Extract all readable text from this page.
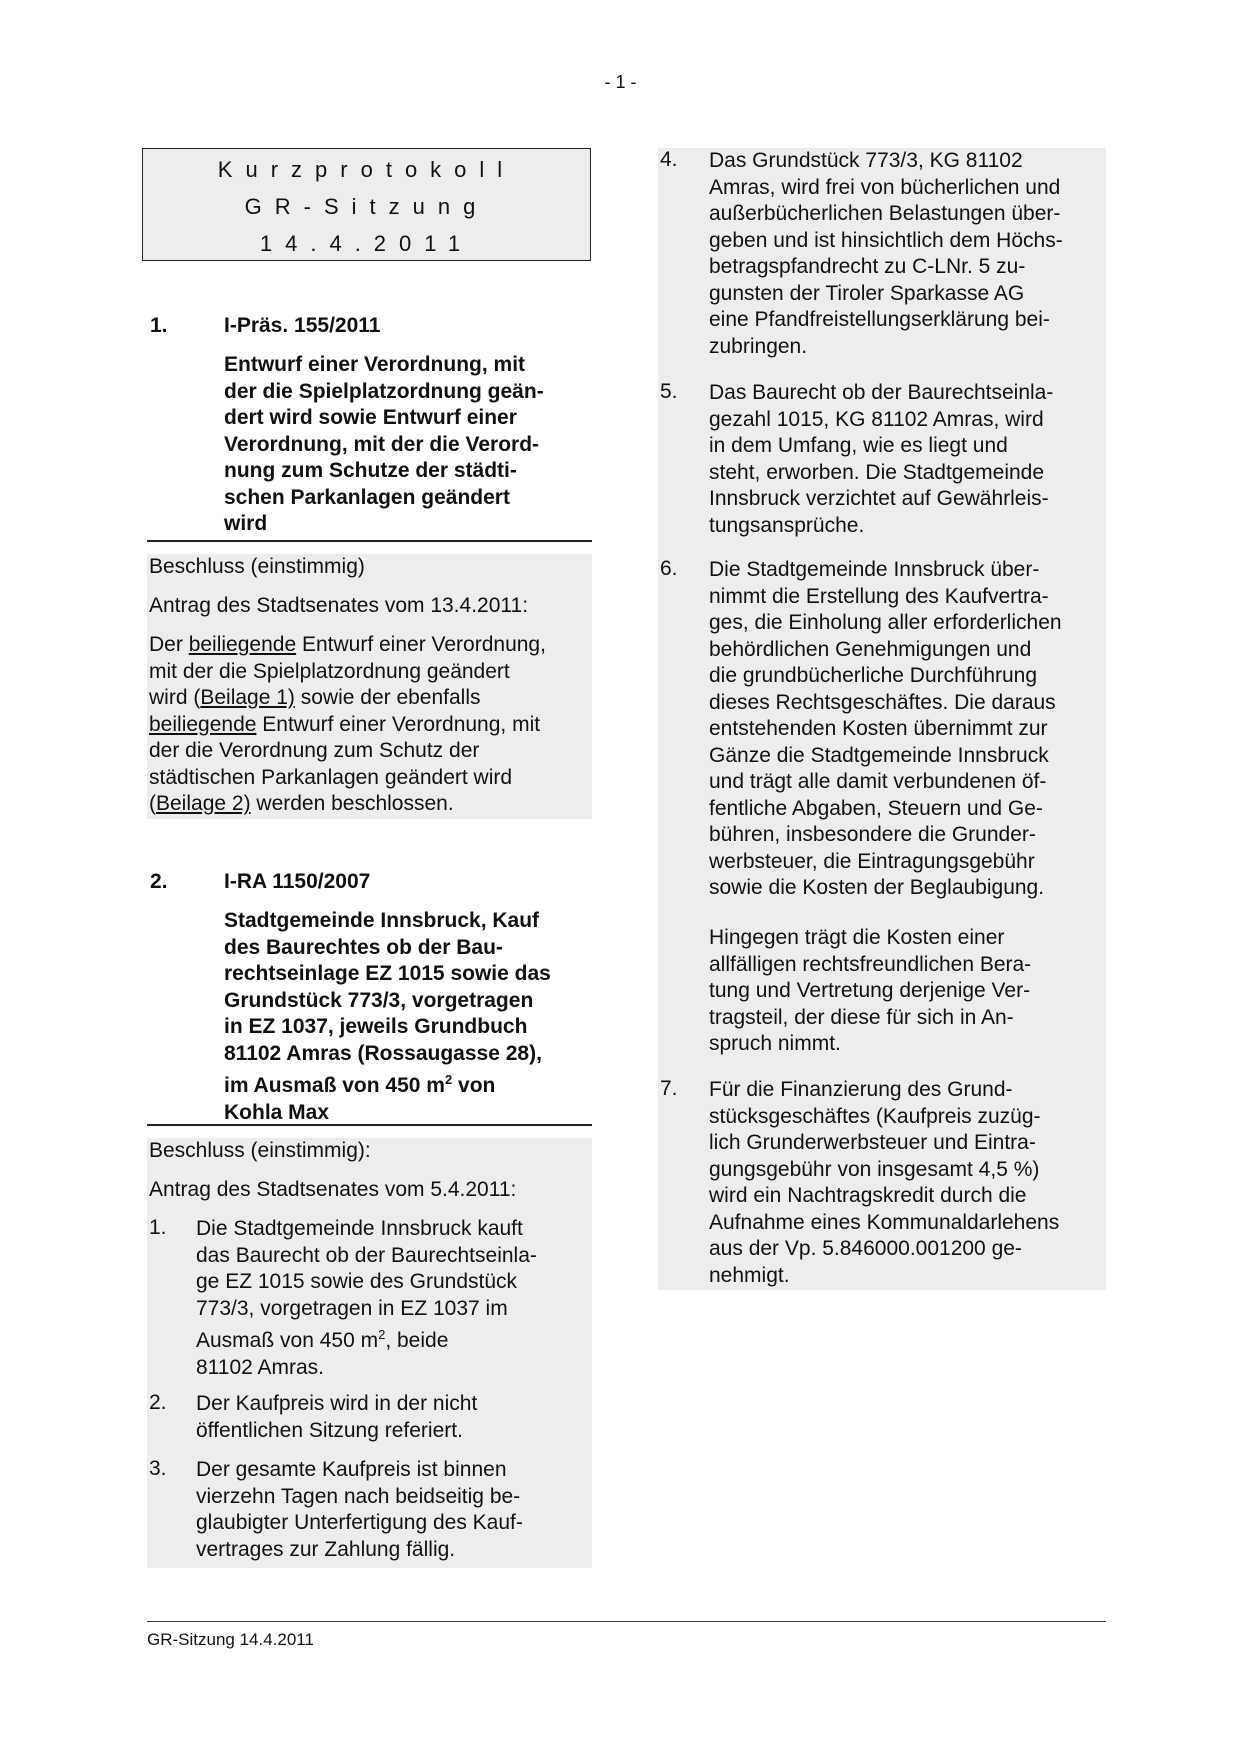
- 1 -
Kurzprotokoll
GR-Sitzung
14.4.2011
1.	I-Präs. 155/2011
Entwurf einer Verordnung, mit
der die Spielplatzordnung geän-
dert wird sowie Entwurf einer
Verordnung, mit der die Verord-
nung zum Schutze der städti-
schen Parkanlagen geändert
wird
Beschluss (einstimmig)
Antrag des Stadtsenates vom 13.4.2011:
Der beiliegende Entwurf einer Verordnung,
mit der die Spielplatzordnung geändert
wird (Beilage 1) sowie der ebenfalls
beiliegende Entwurf einer Verordnung, mit
der die Verordnung zum Schutz der
städtischen Parkanlagen geändert wird
(Beilage 2) werden beschlossen.
2.	I-RA 1150/2007
Stadtgemeinde Innsbruck, Kauf
des Baurechtes ob der Bau-
rechtseinlage EZ 1015 sowie das
Grundstück 773/3, vorgetragen
in EZ 1037, jeweils Grundbuch
81102 Amras (Rossaugasse 28),
im Ausmaß von 450 $m^2$ von
Kohla Max
Beschluss (einstimmig):
Antrag des Stadtsenates vom 5.4.2011:
1. Die Stadtgemeinde Innsbruck kauft
das Baurecht ob der Baurechtseinla-
ge EZ 1015 sowie des Grundstück
773/3, vorgetragen in EZ 1037 im
Ausmaß von 450 $m^2$, beide
81102 Amras.
2. Der Kaufpreis wird in der nicht
öffentlichen Sitzung referiert.
3. Der gesamte Kaufpreis ist binnen
vierzehn Tagen nach beidseitig be-
glaubigter Unterfertigung des Kauf-
vertrages zur Zahlung fällig.
4. Das Grundstück 773/3, KG 81102
Amras, wird frei von bücherlichen und
außerbücherlichen Belastungen über-
geben und ist hinsichtlich dem Höchs-
betragspfandrecht zu C-LNr. 5 zu-
gunsten der Tiroler Sparkasse AG
eine Pfandfreistellungserklärung bei-
zubringen.
5. Das Baurecht ob der Baurechtseinla-
gezahl 1015, KG 81102 Amras, wird
in dem Umfang, wie es liegt und
steht, erworben. Die Stadtgemeinde
Innsbruck verzichtet auf Gewährleis-
tungsansprüche.
6. Die Stadtgemeinde Innsbruck über-
nimmt die Erstellung des Kaufvertra-
ges, die Einholung aller erforderlichen
behördlichen Genehmigungen und
die grundbücherliche Durchführung
dieses Rechtsgeschäftes. Die daraus
entstehenden Kosten übernimmt zur
Gänze die Stadtgemeinde Innsbruck
und trägt alle damit verbundenen öf-
fentliche Abgaben, Steuern und Ge-
bühren, insbesondere die Grunder-
werbsteuer, die Eintragungsgebühr
sowie die Kosten der Beglaubigung.
Hingegen trägt die Kosten einer
allfälligen rechtsfreundlichen Bera-
tung und Vertretung derjenige Ver-
tragsteil, der diese für sich in An-
spruch nimmt.
7. Für die Finanzierung des Grund-
stücksgeschäftes (Kaufpreis zuzüg-
lich Grunderwerbsteuer und Eintra-
gungsgebühr von insgesamt 4,5 %)
wird ein Nachtragskredit durch die
Aufnahme eines Kommunaldarlehens
aus der Vp. 5.846000.001200 ge-
nehmigt.
GR-Sitzung 14.4.2011
